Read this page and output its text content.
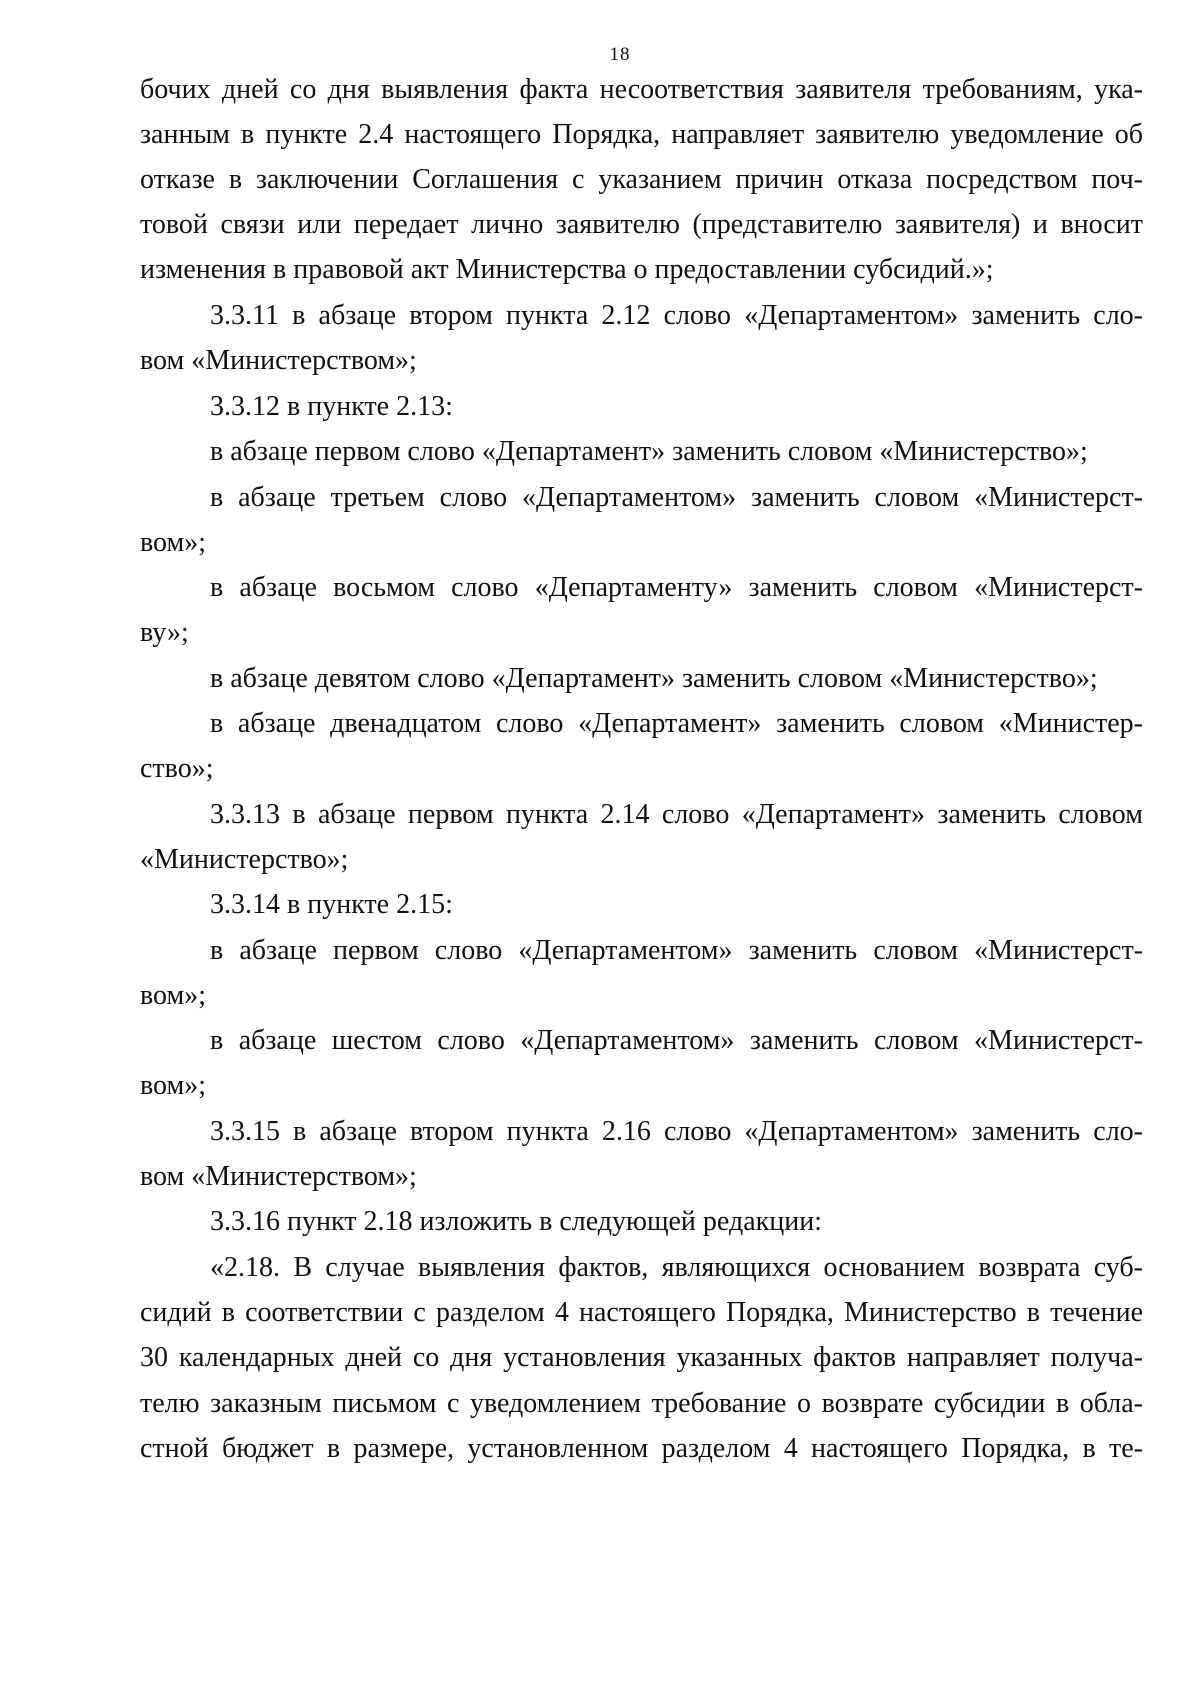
18
бочих дней со дня выявления факта несоответствия заявителя требованиям, ука-
занным в пункте 2.4 настоящего Порядка, направляет заявителю уведомление об
отказе в заключении Соглашения с указанием причин отказа посредством поч-
товой связи или передает лично заявителю (представителю заявителя) и вносит
изменения в правовой акт Министерства о предоставлении субсидий.»;
3.3.11 в абзаце втором пункта 2.12 слово «Департаментом» заменить сло-
вом «Министерством»;
3.3.12 в пункте 2.13:
в абзаце первом слово «Департамент» заменить словом «Министерство»;
в абзаце третьем слово «Департаментом» заменить словом «Министерст-
вом»;
в абзаце восьмом слово «Департаменту» заменить словом «Министерст-
ву»;
в абзаце девятом слово «Департамент» заменить словом «Министерство»;
в абзаце двенадцатом слово «Департамент» заменить словом «Министер-
ство»;
3.3.13 в абзаце первом пункта 2.14 слово «Департамент» заменить словом
«Министерство»;
3.3.14 в пункте 2.15:
в абзаце первом слово «Департаментом» заменить словом «Министерст-
вом»;
в абзаце шестом слово «Департаментом» заменить словом «Министерст-
вом»;
3.3.15 в абзаце втором пункта 2.16 слово «Департаментом» заменить сло-
вом «Министерством»;
3.3.16 пункт 2.18 изложить в следующей редакции:
«2.18. В случае выявления фактов, являющихся основанием возврата суб-
сидий в соответствии с разделом 4 настоящего Порядка, Министерство в течение
30 календарных дней со дня установления указанных фактов направляет получа-
телю заказным письмом с уведомлением требование о возврате субсидии в обла-
стной бюджет в размере, установленном разделом 4 настоящего Порядка, в те-
